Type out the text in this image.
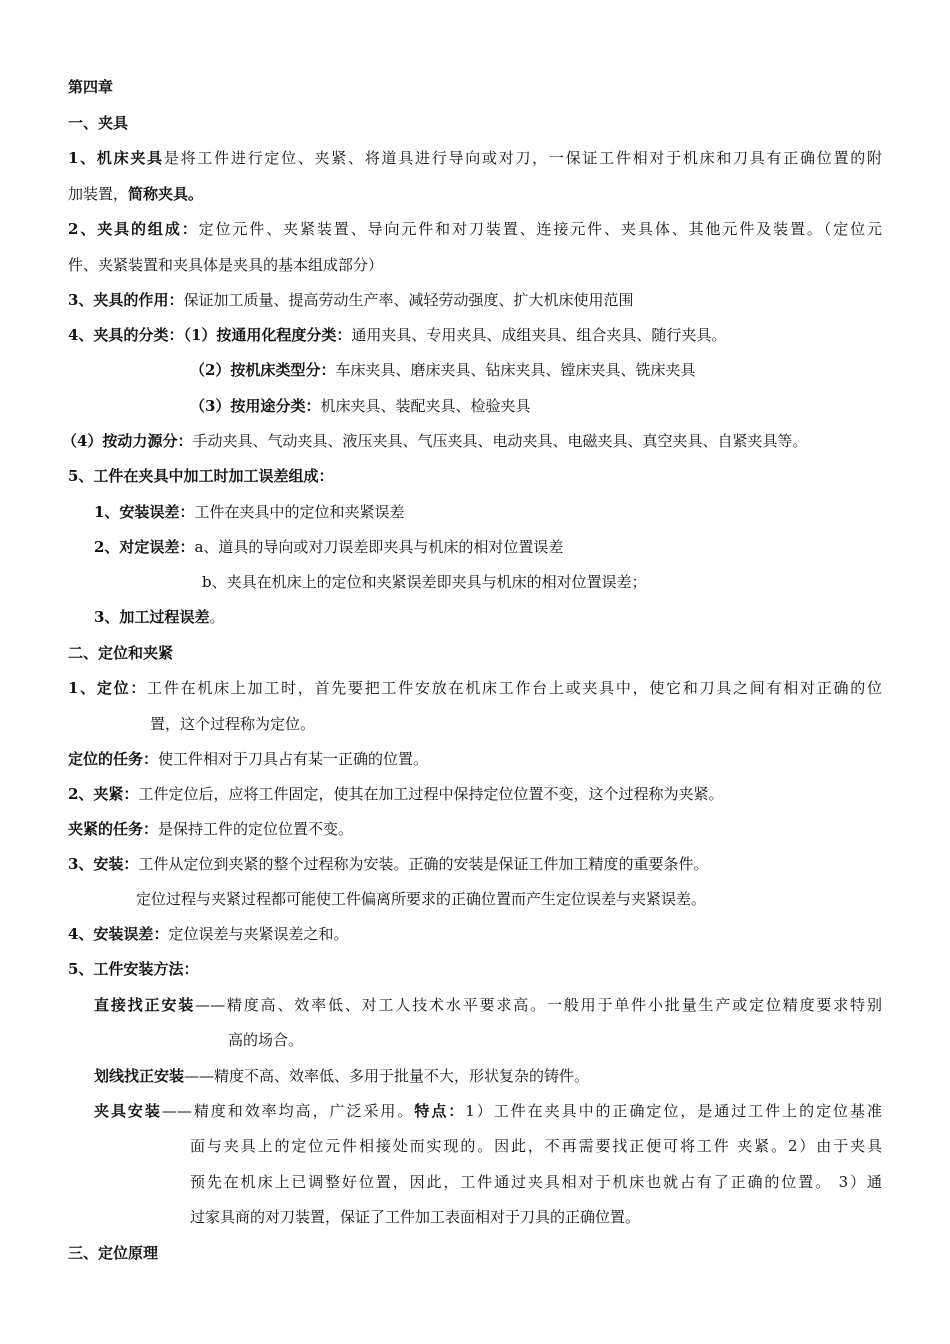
第四章
一、夹具
1、机床夹具是将工件进行定位、夹紧、将道具进行导向或对刀，一保证工件相对于机床和刀具有正确位置的附
加装置，简称夹具。
2、夹具的组成：定位元件、夹紧装置、导向元件和对刀装置、连接元件、夹具体、其他元件及装置。（定位元
件、夹紧装置和夹具体是夹具的基本组成部分）
3、夹具的作用：保证加工质量、提高劳动生产率、减轻劳动强度、扩大机床使用范围
4、夹具的分类：（1）按通用化程度分类：通用夹具、专用夹具、成组夹具、组合夹具、随行夹具。
（2）按机床类型分：车床夹具、磨床夹具、钻床夹具、镗床夹具、铣床夹具
（3）按用途分类：机床夹具、装配夹具、检验夹具
（4）按动力源分：手动夹具、气动夹具、液压夹具、气压夹具、电动夹具、电磁夹具、真空夹具、自紧夹具等。
5、工件在夹具中加工时加工误差组成：
1、安装误差：工件在夹具中的定位和夹紧误差
2、对定误差：a、道具的导向或对刀误差即夹具与机床的相对位置误差
b、夹具在机床上的定位和夹紧误差即夹具与机床的相对位置误差；
3、加工过程误差。
二、定位和夹紧
1、定位：工件在机床上加工时，首先要把工件安放在机床工作台上或夹具中，使它和刀具之间有相对正确的位
置，这个过程称为定位。
定位的任务：使工件相对于刀具占有某一正确的位置。
2、夹紧：工件定位后，应将工件固定，使其在加工过程中保持定位位置不变，这个过程称为夹紧。
夹紧的任务：是保持工件的定位位置不变。
3、安装：工件从定位到夹紧的整个过程称为安装。正确的安装是保证工件加工精度的重要条件。
定位过程与夹紧过程都可能使工件偏离所要求的正确位置而产生定位误差与夹紧误差。
4、安装误差：定位误差与夹紧误差之和。
5、工件安装方法：
直接找正安装——精度高、效率低、对工人技术水平要求高。一般用于单件小批量生产或定位精度要求特别
高的场合。
划线找正安装——精度不高、效率低、多用于批量不大，形状复杂的铸件。
夹具安装——精度和效率均高，广泛采用。特点：1）工件在夹具中的正确定位，是通过工件上的定位基准
面与夹具上的定位元件相接处而实现的。因此，不再需要找正便可将工件 夹紧。2）由于夹具
预先在机床上已调整好位置，因此，工件通过夹具相对于机床也就占有了正确的位置。 3）通
过家具商的对刀装置，保证了工件加工表面相对于刀具的正确位置。
三、定位原理
